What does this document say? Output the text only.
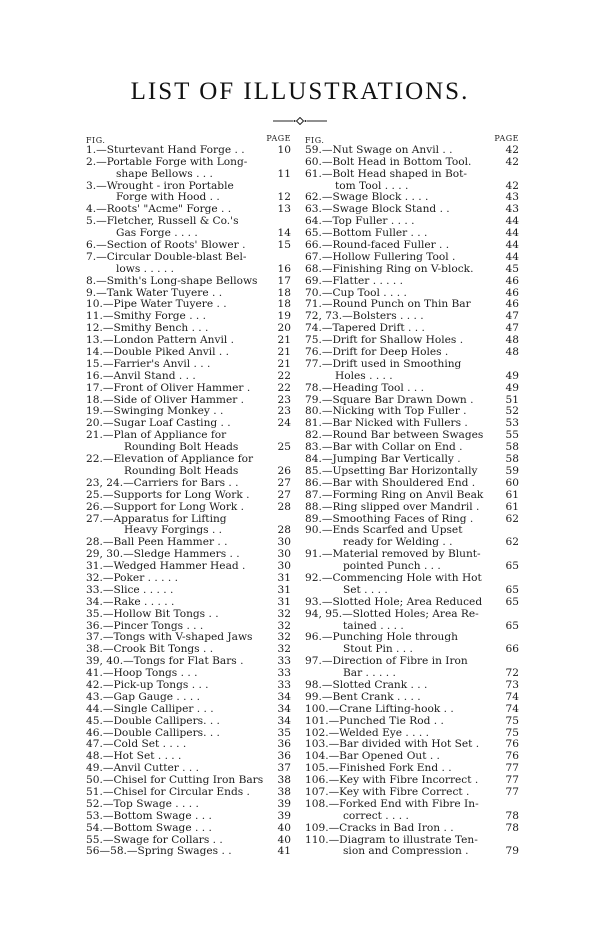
LIST OF ILLUSTRATIONS.
FIG.	PAGE
1.—Sturtevant Hand Forge . .	10
2.—Portable Forge with Long-
shape Bellows . . .	11
3.—Wrought - iron Portable
Forge with Hood . .	12
4.—Roots' "Acme" Forge . .	13
5.—Fletcher, Russell & Co.'s
Gas Forge . . . .	14
6.—Section of Roots' Blower .	15
7.—Circular Double-blast Bel-
lows . . . . .	16
8.—Smith's Long-shape Bellows 17
9.—Tank Water Tuyere . .	18
10.—Pipe Water Tuyere . .	18
11.—Smithy Forge . . .	19
12.—Smithy Bench . . .	20
13.—London Pattern Anvil .	21
14.—Double Piked Anvil . .	21
15.—Farrier's Anvil . . .	21
16.—Anvil Stand . . .	22
17.—Front of Oliver Hammer .	22
18.—Side of Oliver Hammer .	23
19.—Swinging Monkey . .	23
20.—Sugar Loaf Casting . .	24
21.—Plan of Appliance for
Rounding Bolt Heads	25
22.—Elevation of Appliance for
Rounding Bolt Heads	26
23, 24.—Carriers for Bars . .	27
25.—Supports for Long Work .	27
26.—Support for Long Work .	28
27.—Apparatus for Lifting
Heavy Forgings . .	28
28.—Ball Peen Hammer . .	30
29, 30.—Sledge Hammers . .	30
31.—Wedged Hammer Head .	30
32.—Poker . . . . .	31
33.—Slice . . . . .	31
34.—Rake . . . . .	31
35.—Hollow Bit Tongs . .	32
36.—Pincer Tongs . . .	32
37.—Tongs with V-shaped Jaws 32
38.—Crook Bit Tongs . .	32
39, 40.—Tongs for Flat Bars .	33
41.—Hoop Tongs . . .	33
42.—Pick-up Tongs . . .	33
43.—Gap Gauge . . . .	34
44.—Single Calliper . . .	34
45.—Double Callipers. . .	34
46.—Double Callipers. . .	35
47.—Cold Set . . . .	36
48.—Hot Set . . . .	36
49.—Anvil Cutter . . .	37
50.—Chisel for Cutting Iron Bars 38
51.—Chisel for Circular Ends .	38
52.—Top Swage . . . .	39
53.—Bottom Swage . . .	39
54.—Bottom Swage . . .	40
55.—Swage for Collars . .	40
56—58.—Spring Swages . .	41
FIG.	PAGE
59.—Nut Swage on Anvil . .	42
60.—Bolt Head in Bottom Tool.	42
61.—Bolt Head shaped in Bot-
tom Tool . . . .	42
62.—Swage Block . . . .	43
63.—Swage Block Stand . .	43
64.—Top Fuller . . . .	44
65.—Bottom Fuller . . .	44
66.—Round-faced Fuller . .	44
67.—Hollow Fullering Tool .	44
68.—Finishing Ring on V-block.	45
69.—Flatter . . . . .	46
70.—Cup Tool . . . .	46
71.—Round Punch on Thin Bar	46
72, 73.—Bolsters . . . .	47
74.—Tapered Drift . . .	47
75.—Drift for Shallow Holes .	48
76.—Drift for Deep Holes .	48
77.—Drift used in Smoothing
Holes . . . .	49
78.—Heading Tool . . .	49
79.—Square Bar Drawn Down .	51
80.—Nicking with Top Fuller .	52
81.—Bar Nicked with Fullers .	53
82.—Round Bar between Swages 55
83.—Bar with Collar on End .	58
84.—Jumping Bar Vertically .	58
85.—Upsetting Bar Horizontally	59
86.—Bar with Shouldered End .	60
87.—Forming Ring on Anvil Beak 61
88.—Ring slipped over Mandril . 61
89.—Smoothing Faces of Ring .	62
90.—Ends Scarfed and Upset
ready for Welding . .	62
91.—Material removed by Blunt-
pointed Punch . . .	65
92.—Commencing Hole with Hot
Set . . . .	65
93.—Slotted Hole; Area Reduced 65
94, 95.—Slotted Holes; Area Re-
tained . . . .	65
96.—Punching Hole through
Stout Pin . . .	66
97.—Direction of Fibre in Iron
Bar . . . . .	72
98.—Slotted Crank . . .	73
99.—Bent Crank . . . .	74
100.—Crane Lifting-hook . .	74
101.—Punched Tie Rod . .	75
102.—Welded Eye . . . .	75
103.—Bar divided with Hot Set . 76
104.—Bar Opened Out . .	76
105.—Finished Fork End . .	77
106.—Key with Fibre Incorrect .	77
107.—Key with Fibre Correct .	77
108.—Forked End with Fibre In-
correct . . . .	78
109.—Cracks in Bad Iron . .	78
110.—Diagram to illustrate Ten-
sion and Compression .	79
